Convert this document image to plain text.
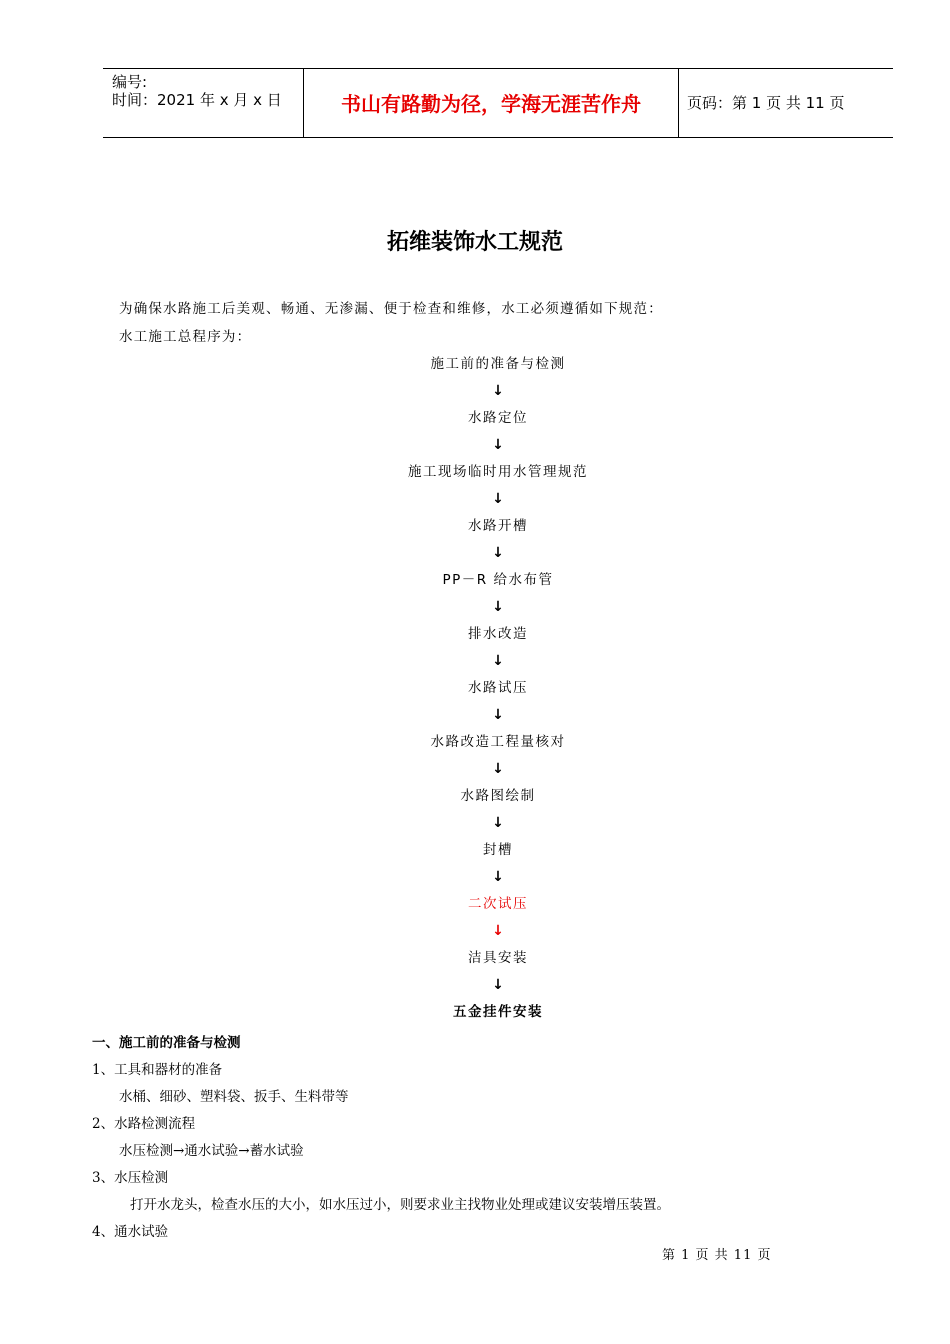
编号:
时间：2021 年 x 月 x 日	书山有路勤为径，学海无涯苦作舟	页码：第 1 页 共 11 页
拓维装饰水工规范
为确保水路施工后美观、畅通、无渗漏、便于检查和维修，水工必须遵循如下规范：
水工施工总程序为：
施工前的准备与检测
↓
水路定位
↓
施工现场临时用水管理规范
↓
水路开槽
↓
PP－R 给水布管
↓
排水改造
↓
水路试压
↓
水路改造工程量核对
↓
水路图绘制
↓
封槽
↓
二次试压
↓
洁具安装
↓
五金挂件安装
一、施工前的准备与检测
1、工具和器材的准备
水桶、细砂、塑料袋、扳手、生料带等
2、水路检测流程
水压检测→通水试验→蓄水试验
3、水压检测
打开水龙头，检查水压的大小，如水压过小，则要求业主找物业处理或建议安装增压装置。
4、通水试验
第 1 页 共 11 页
